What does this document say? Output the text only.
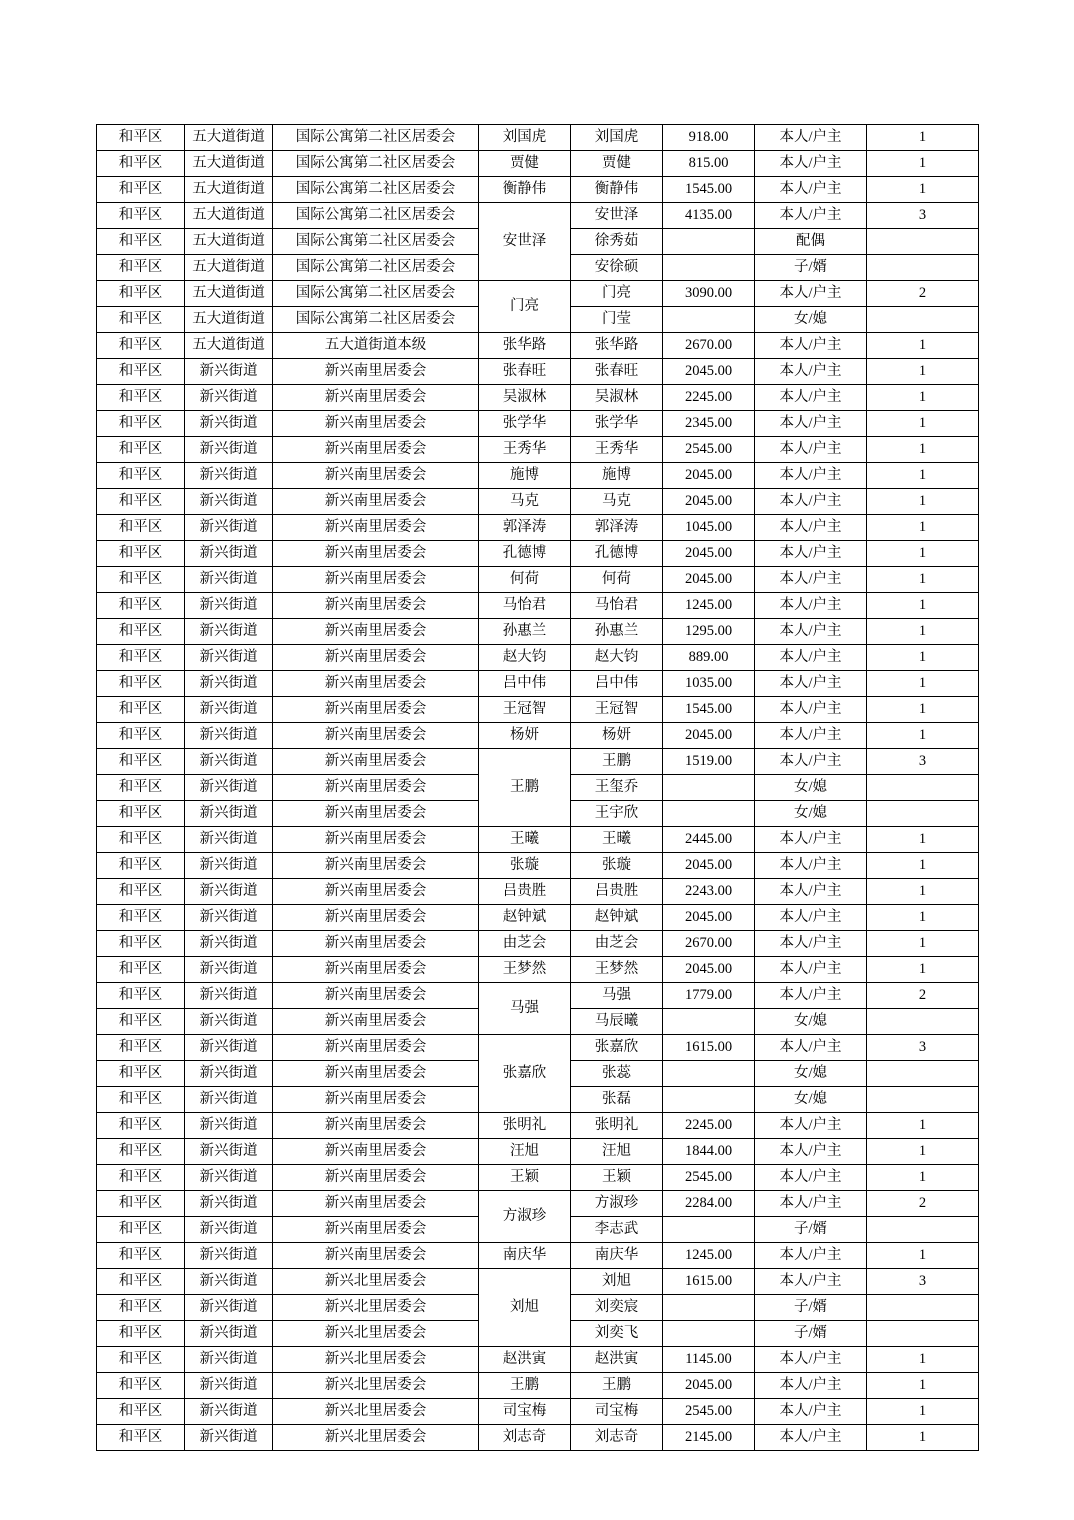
和平区	五大道街道	国际公寓第二社区居委会	刘国虎	刘国虎	918.00	本人/户主	1
和平区	五大道街道	国际公寓第二社区居委会	贾健	贾健	815.00	本人/户主	1
和平区	五大道街道	国际公寓第二社区居委会	衡静伟	衡静伟	1545.00	本人/户主	1
和平区	五大道街道	国际公寓第二社区居委会	安世泽	安世泽	4135.00	本人/户主	3
和平区	五大道街道	国际公寓第二社区居委会		徐秀茹		配偶	
和平区	五大道街道	国际公寓第二社区居委会		安徐硕		子/婿	
和平区	五大道街道	国际公寓第二社区居委会	门亮	门亮	3090.00	本人/户主	2
和平区	五大道街道	国际公寓第二社区居委会		门莹		女/媳	
和平区	五大道街道	五大道街道本级	张华路	张华路	2670.00	本人/户主	1
和平区	新兴街道	新兴南里居委会	张春旺	张春旺	2045.00	本人/户主	1
和平区	新兴街道	新兴南里居委会	吴淑林	吴淑林	2245.00	本人/户主	1
和平区	新兴街道	新兴南里居委会	张学华	张学华	2345.00	本人/户主	1
和平区	新兴街道	新兴南里居委会	王秀华	王秀华	2545.00	本人/户主	1
和平区	新兴街道	新兴南里居委会	施博	施博	2045.00	本人/户主	1
和平区	新兴街道	新兴南里居委会	马克	马克	2045.00	本人/户主	1
和平区	新兴街道	新兴南里居委会	郭泽涛	郭泽涛	1045.00	本人/户主	1
和平区	新兴街道	新兴南里居委会	孔德博	孔德博	2045.00	本人/户主	1
和平区	新兴街道	新兴南里居委会	何荷	何荷	2045.00	本人/户主	1
和平区	新兴街道	新兴南里居委会	马怡君	马怡君	1245.00	本人/户主	1
和平区	新兴街道	新兴南里居委会	孙惠兰	孙惠兰	1295.00	本人/户主	1
和平区	新兴街道	新兴南里居委会	赵大钧	赵大钧	889.00	本人/户主	1
和平区	新兴街道	新兴南里居委会	吕中伟	吕中伟	1035.00	本人/户主	1
和平区	新兴街道	新兴南里居委会	王冠智	王冠智	1545.00	本人/户主	1
和平区	新兴街道	新兴南里居委会	杨妍	杨妍	2045.00	本人/户主	1
和平区	新兴街道	新兴南里居委会	王鹏	王鹏	1519.00	本人/户主	3
和平区	新兴街道	新兴南里居委会		王玺乔		女/媳	
和平区	新兴街道	新兴南里居委会		王宇欣		女/媳	
和平区	新兴街道	新兴南里居委会	王曦	王曦	2445.00	本人/户主	1
和平区	新兴街道	新兴南里居委会	张璇	张璇	2045.00	本人/户主	1
和平区	新兴街道	新兴南里居委会	吕贵胜	吕贵胜	2243.00	本人/户主	1
和平区	新兴街道	新兴南里居委会	赵钟斌	赵钟斌	2045.00	本人/户主	1
和平区	新兴街道	新兴南里居委会	由芝会	由芝会	2670.00	本人/户主	1
和平区	新兴街道	新兴南里居委会	王梦然	王梦然	2045.00	本人/户主	1
和平区	新兴街道	新兴南里居委会	马强	马强	1779.00	本人/户主	2
和平区	新兴街道	新兴南里居委会		马辰曦		女/媳	
和平区	新兴街道	新兴南里居委会	张嘉欣	张嘉欣	1615.00	本人/户主	3
和平区	新兴街道	新兴南里居委会		张蕊		女/媳	
和平区	新兴街道	新兴南里居委会		张磊		女/媳	
和平区	新兴街道	新兴南里居委会	张明礼	张明礼	2245.00	本人/户主	1
和平区	新兴街道	新兴南里居委会	汪旭	汪旭	1844.00	本人/户主	1
和平区	新兴街道	新兴南里居委会	王颖	王颖	2545.00	本人/户主	1
和平区	新兴街道	新兴南里居委会	方淑珍	方淑珍	2284.00	本人/户主	2
和平区	新兴街道	新兴南里居委会		李志武		子/婿	
和平区	新兴街道	新兴南里居委会	南庆华	南庆华	1245.00	本人/户主	1
和平区	新兴街道	新兴北里居委会	刘旭	刘旭	1615.00	本人/户主	3
和平区	新兴街道	新兴北里居委会		刘奕宸		子/婿	
和平区	新兴街道	新兴北里居委会		刘奕飞		子/婿	
和平区	新兴街道	新兴北里居委会	赵洪寅	赵洪寅	1145.00	本人/户主	1
和平区	新兴街道	新兴北里居委会	王鹏	王鹏	2045.00	本人/户主	1
和平区	新兴街道	新兴北里居委会	司宝梅	司宝梅	2545.00	本人/户主	1
和平区	新兴街道	新兴北里居委会	刘志奇	刘志奇	2145.00	本人/户主	1
